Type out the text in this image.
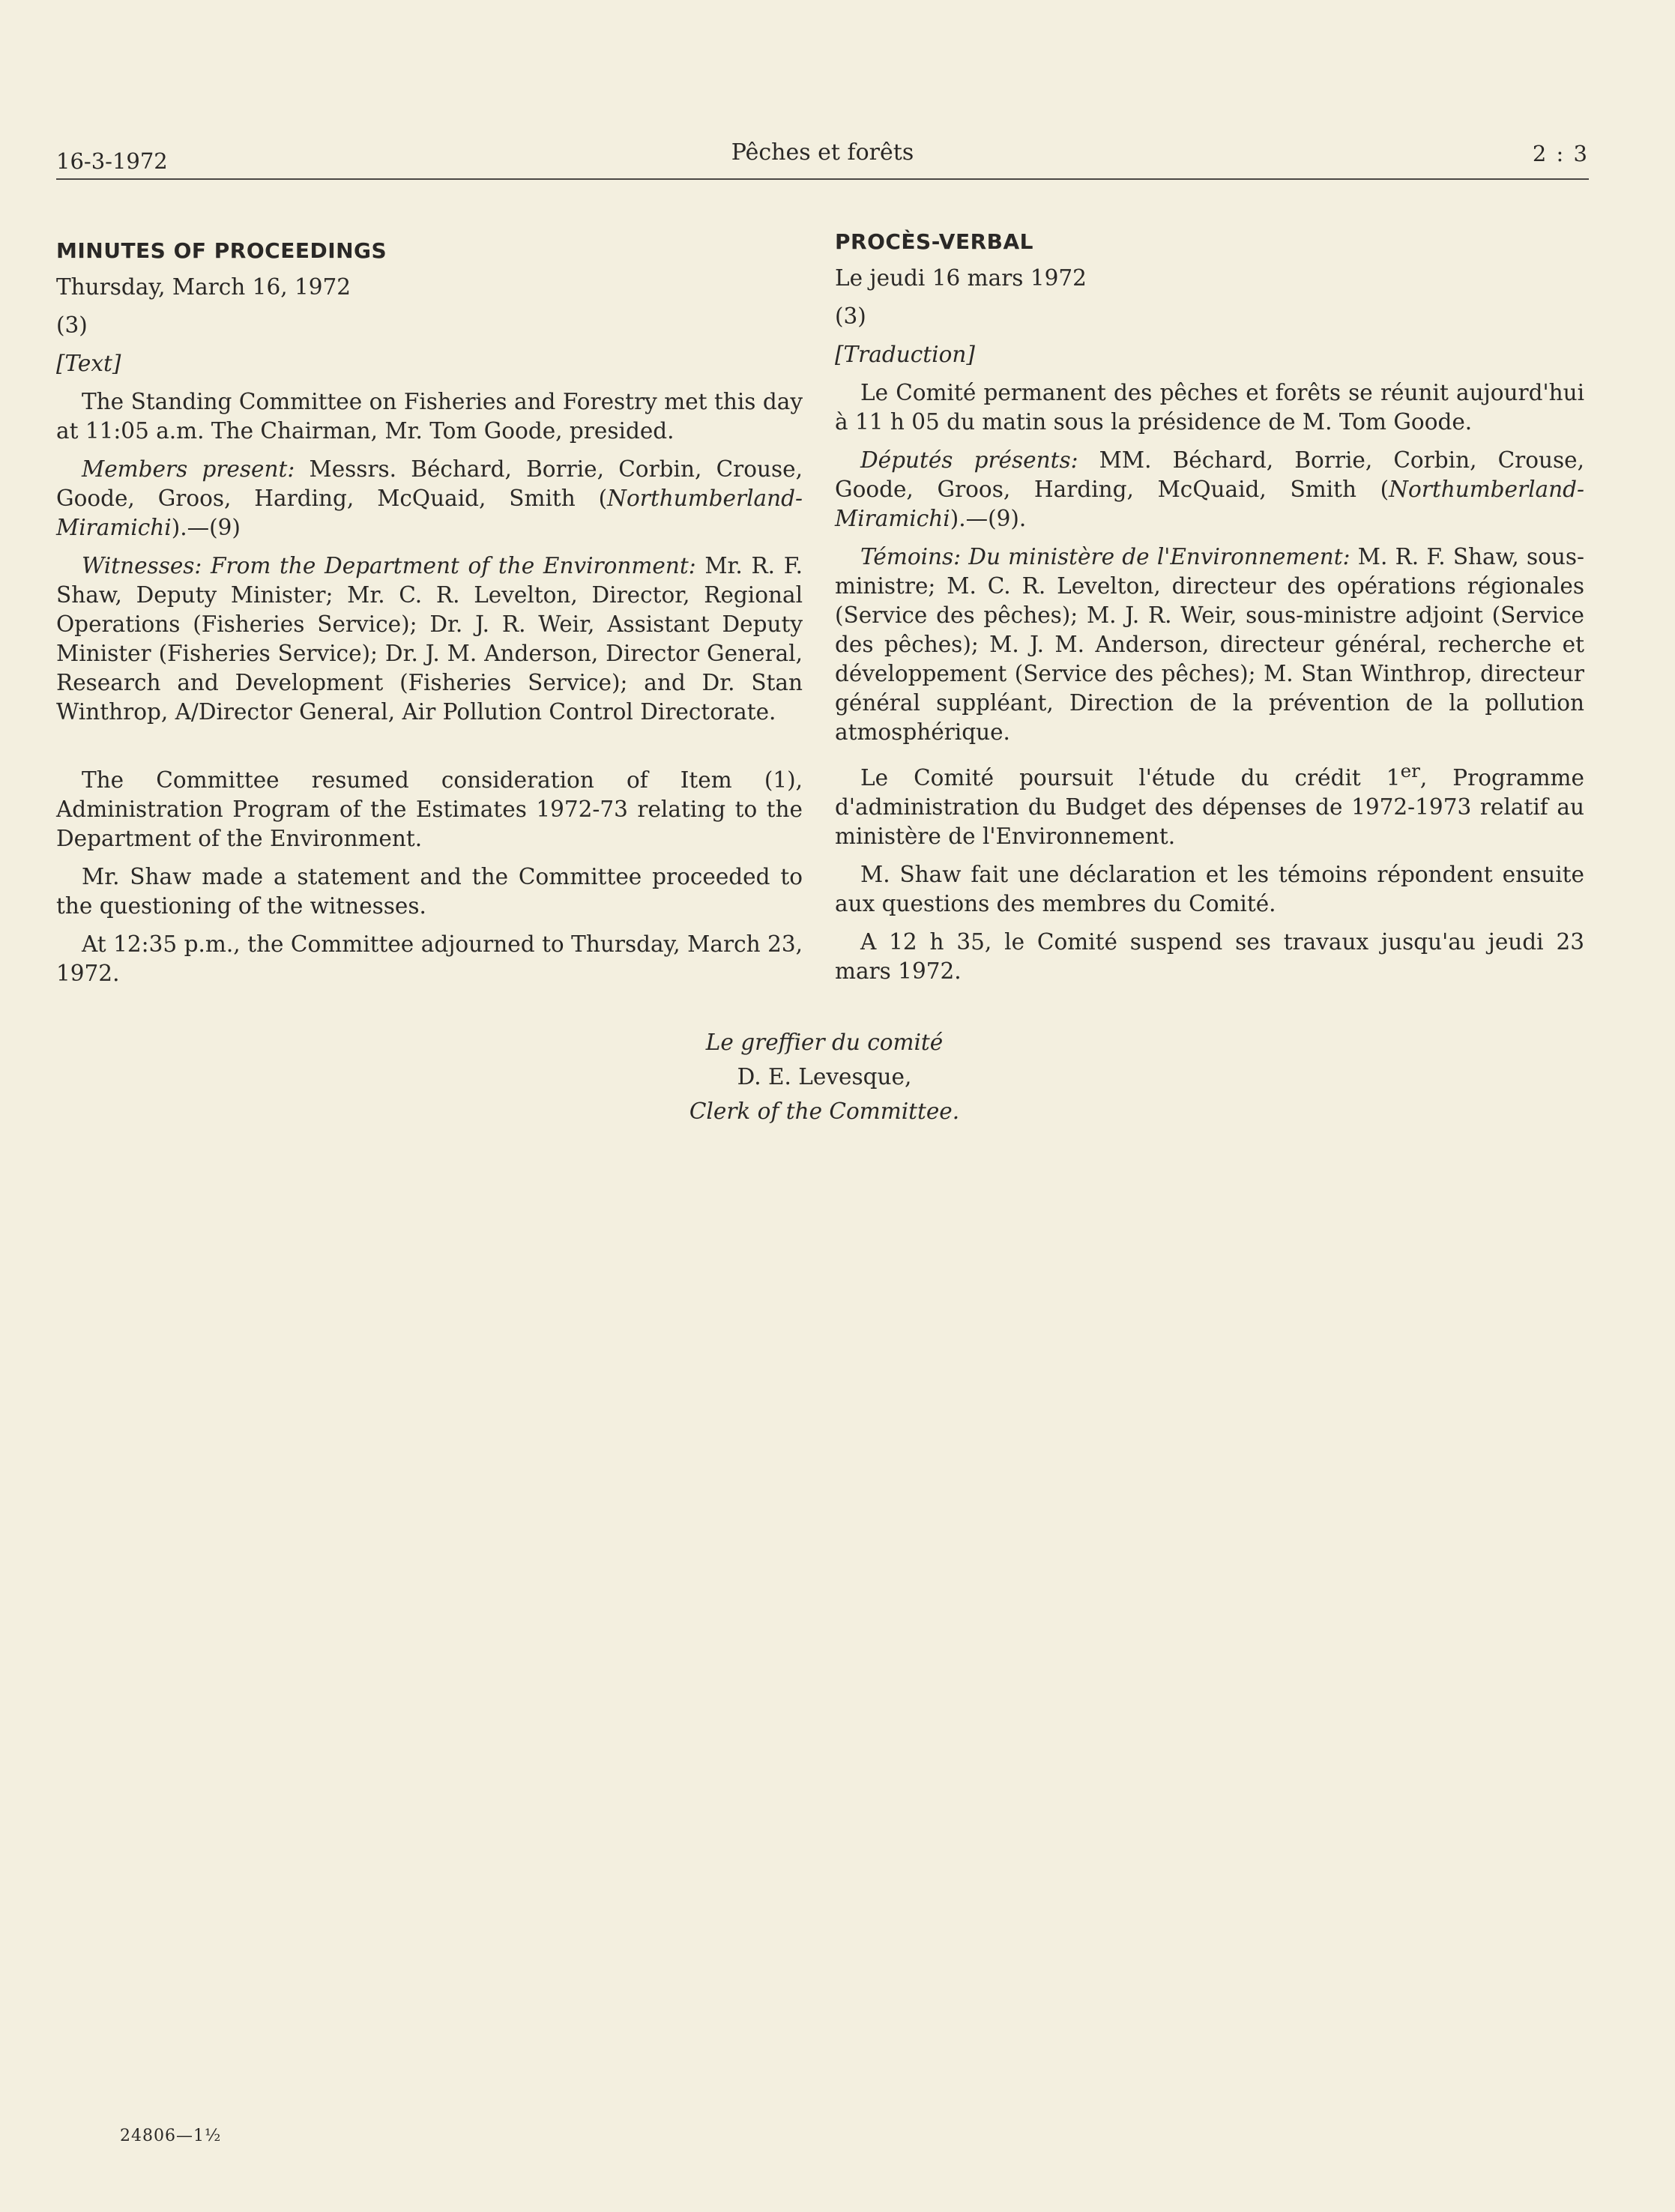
16-3-1972	Pêches et forêts	2 : 3
MINUTES OF PROCEEDINGS

Thursday, March 16, 1972

(3)

[Text]

The Standing Committee on Fisheries and Forestry met this day at 11:05 a.m. The Chairman, Mr. Tom Goode, presided.

Members present: Messrs. Béchard, Borrie, Corbin, Crouse, Goode, Groos, Harding, McQuaid, Smith (Northumberland-Miramichi).—(9)

Witnesses: From the Department of the Environment: Mr. R. F. Shaw, Deputy Minister; Mr. C. R. Levelton, Director, Regional Operations (Fisheries Service); Dr. J. R. Weir, Assistant Deputy Minister (Fisheries Service); Dr. J. M. Anderson, Director General, Research and Development (Fisheries Service); and Dr. Stan Winthrop, A/Director General, Air Pollution Control Directorate.

The Committee resumed consideration of Item (1), Administration Program of the Estimates 1972-73 relating to the Department of the Environment.

Mr. Shaw made a statement and the Committee proceeded to the questioning of the witnesses.

At 12:35 p.m., the Committee adjourned to Thursday, March 23, 1972.

PROCÈS-VERBAL

Le jeudi 16 mars 1972

(3)

[Traduction]

Le Comité permanent des pêches et forêts se réunit aujourd'hui à 11 h 05 du matin sous la présidence de M. Tom Goode.

Députés présents: MM. Béchard, Borrie, Corbin, Crouse, Goode, Groos, Harding, McQuaid, Smith (Northumberland-Miramichi).—(9).

Témoins: Du ministère de l'Environnement: M. R. F. Shaw, sous-ministre; M. C. R. Levelton, directeur des opérations régionales (Service des pêches); M. J. R. Weir, sous-ministre adjoint (Service des pêches); M. J. M. Anderson, directeur général, recherche et développement (Service des pêches); M. Stan Winthrop, directeur général suppléant, Direction de la prévention de la pollution atmosphérique.

Le Comité poursuit l'étude du crédit 1er, Programme d'administration du Budget des dépenses de 1972-1973 relatif au ministère de l'Environnement.

M. Shaw fait une déclaration et les témoins répondent ensuite aux questions des membres du Comité.

A 12 h 35, le Comité suspend ses travaux jusqu'au jeudi 23 mars 1972.

Le greffier du comité
D. E. Levesque,
Clerk of the Committee.
24806—1½
